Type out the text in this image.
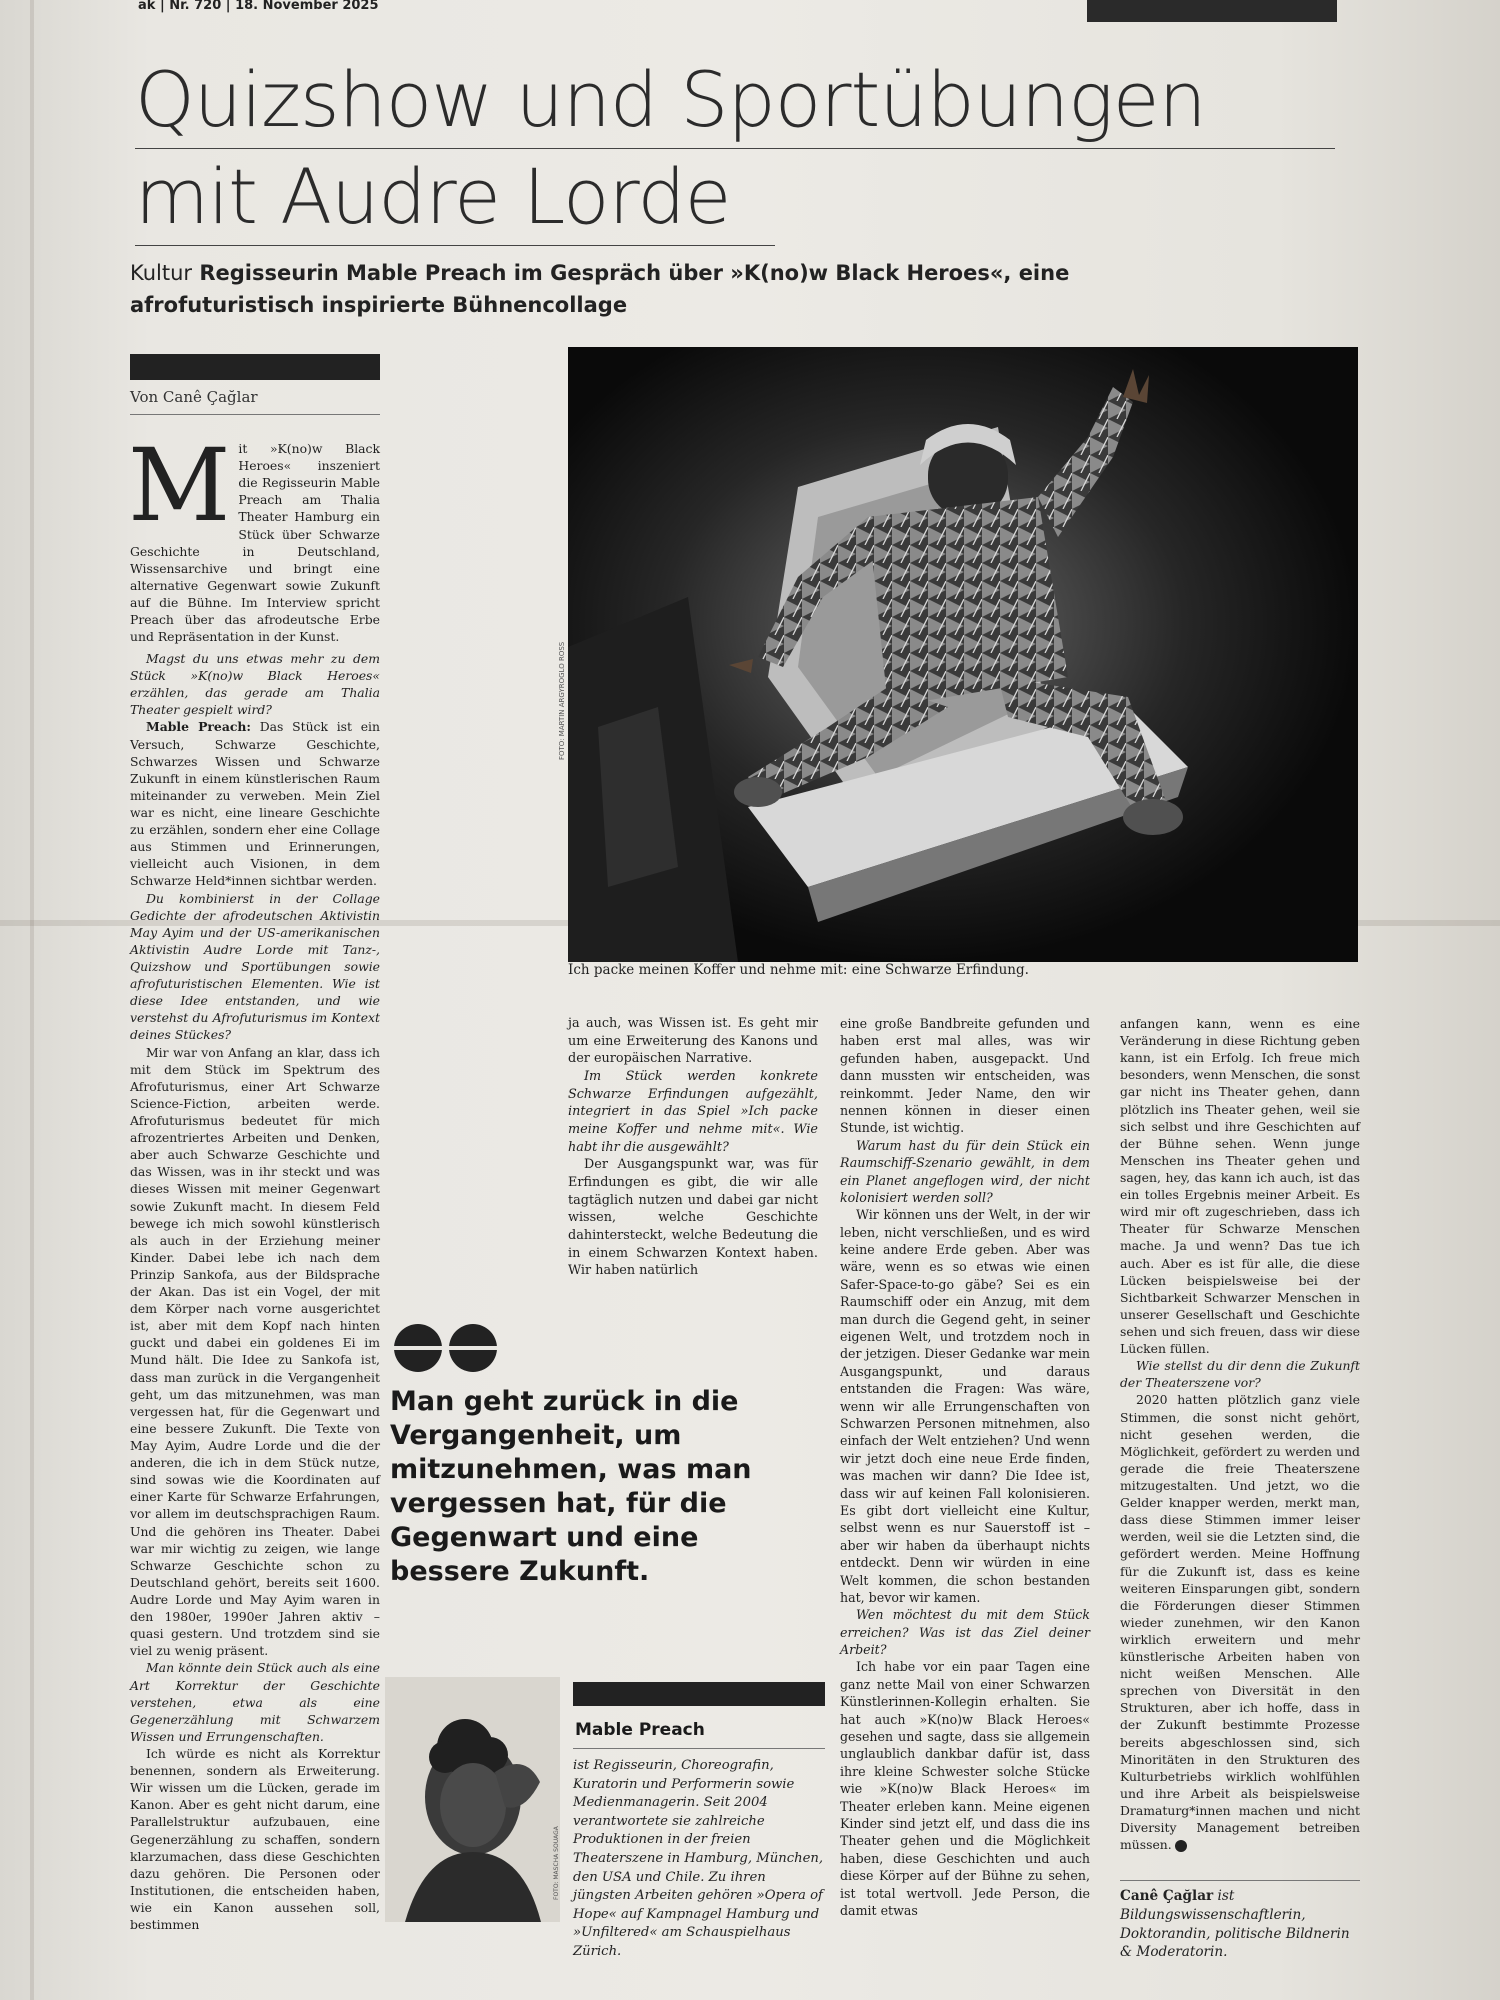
ak | Nr. 720 | 18. November 2025
Quizshow und Sportübungen
mit Audre Lorde
Kultur Regisseurin Mable Preach im Gespräch über »K(no)w Black Heroes«, eine afrofuturistisch inspirierte Bühnencollage
Von Canê Çağlar
FOTO: MARTIN ARGYROGLO ROSS
Ich packe meinen Koffer und nehme mit: eine Schwarze Erfindung.
Mit »K(no)w Black Heroes« inszeniert die Regisseurin Mable Preach am Thalia Theater Hamburg ein Stück über Schwarze Geschichte in Deutschland, Wissensarchive und bringt eine alternative Gegenwart sowie Zukunft auf die Bühne. Im Interview spricht Preach über das afrodeutsche Erbe und Repräsentation in der Kunst.

Magst du uns etwas mehr zu dem Stück »K(no)w Black Heroes« erzählen, das gerade am Thalia Theater gespielt wird?

Mable Preach: Das Stück ist ein Versuch, Schwarze Geschichte, Schwarzes Wissen und Schwarze Zukunft in einem künstlerischen Raum miteinander zu verweben. Mein Ziel war es nicht, eine lineare Geschichte zu erzählen, sondern eher eine Collage aus Stimmen und Erinnerungen, vielleicht auch Visionen, in dem Schwarze Held*innen sichtbar werden.

Du kombinierst in der Collage Gedichte der afrodeutschen Aktivistin May Ayim und der US-amerikanischen Aktivistin Audre Lorde mit Tanz-, Quizshow und Sportübungen sowie afrofuturistischen Elementen. Wie ist diese Idee entstanden, und wie verstehst du Afrofuturismus im Kontext deines Stückes?

Mir war von Anfang an klar, dass ich mit dem Stück im Spektrum des Afrofuturismus, einer Art Schwarze Science-Fiction, arbeiten werde. Afrofuturismus bedeutet für mich afrozentriertes Arbeiten und Denken, aber auch Schwarze Geschichte und das Wissen, was in ihr steckt und was dieses Wissen mit meiner Gegenwart sowie Zukunft macht. In diesem Feld bewege ich mich sowohl künstlerisch als auch in der Erziehung meiner Kinder. Dabei lebe ich nach dem Prinzip Sankofa, aus der Bildsprache der Akan. Das ist ein Vogel, der mit dem Körper nach vorne ausgerichtet ist, aber mit dem Kopf nach hinten guckt und dabei ein goldenes Ei im Mund hält. Die Idee zu Sankofa ist, dass man zurück in die Vergangenheit geht, um das mitzunehmen, was man vergessen hat, für die Gegenwart und eine bessere Zukunft. Die Texte von May Ayim, Audre Lorde und die der anderen, die ich in dem Stück nutze, sind sowas wie die Koordinaten auf einer Karte für Schwarze Erfahrungen, vor allem im deutschsprachigen Raum. Und die gehören ins Theater. Dabei war mir wichtig zu zeigen, wie lange Schwarze Geschichte schon zu Deutschland gehört, bereits seit 1600. Audre Lorde und May Ayim waren in den 1980er, 1990er Jahren aktiv – quasi gestern. Und trotzdem sind sie viel zu wenig präsent.

Man könnte dein Stück auch als eine Art Korrektur der Geschichte verstehen, etwa als eine Gegenerzählung mit Schwarzem Wissen und Errungenschaften.

Ich würde es nicht als Korrektur benennen, sondern als Erweiterung. Wir wissen um die Lücken, gerade im Kanon. Aber es geht nicht darum, eine Parallelstruktur aufzubauen, eine Gegenerzählung zu schaffen, sondern klarzumachen, dass diese Geschichten dazu gehören. Die Personen oder Institutionen, die entscheiden haben, wie ein Kanon aussehen soll, bestimmen

ja auch, was Wissen ist. Es geht mir um eine Erweiterung des Kanons und der europäischen Narrative.

Im Stück werden konkrete Schwarze Erfindungen aufgezählt, integriert in das Spiel »Ich packe meine Koffer und nehme mit«. Wie habt ihr die ausgewählt?

Der Ausgangspunkt war, was für Erfindungen es gibt, die wir alle tagtäglich nutzen und dabei gar nicht wissen, welche Geschichte dahintersteckt, welche Bedeutung die in einem Schwarzen Kontext haben. Wir haben natürlich

eine große Bandbreite gefunden und haben erst mal alles, was wir gefunden haben, ausgepackt. Und dann mussten wir entscheiden, was reinkommt. Jeder Name, den wir nennen können in dieser einen Stunde, ist wichtig.

Warum hast du für dein Stück ein Raumschiff-Szenario gewählt, in dem ein Planet angeflogen wird, der nicht kolonisiert werden soll?

Wir können uns der Welt, in der wir leben, nicht verschließen, und es wird keine andere Erde geben. Aber was wäre, wenn es so etwas wie einen Safer-Space-to-go gäbe? Sei es ein Raumschiff oder ein Anzug, mit dem man durch die Gegend geht, in seiner eigenen Welt, und trotzdem noch in der jetzigen. Dieser Gedanke war mein Ausgangspunkt, und daraus entstanden die Fragen: Was wäre, wenn wir alle Errungenschaften von Schwarzen Personen mitnehmen, also einfach der Welt entziehen? Und wenn wir jetzt doch eine neue Erde finden, was machen wir dann? Die Idee ist, dass wir auf keinen Fall kolonisieren. Es gibt dort vielleicht eine Kultur, selbst wenn es nur Sauerstoff ist – aber wir haben da überhaupt nichts entdeckt. Denn wir würden in eine Welt kommen, die schon bestanden hat, bevor wir kamen.

Wen möchtest du mit dem Stück erreichen? Was ist das Ziel deiner Arbeit?

Ich habe vor ein paar Tagen eine ganz nette Mail von einer Schwarzen Künstlerinnen-Kollegin erhalten. Sie hat auch »K(no)w Black Heroes« gesehen und sagte, dass sie allgemein unglaublich dankbar dafür ist, dass ihre kleine Schwester solche Stücke wie »K(no)w Black Heroes« im Theater erleben kann. Meine eigenen Kinder sind jetzt elf, und dass die ins Theater gehen und die Möglichkeit haben, diese Geschichten und auch diese Körper auf der Bühne zu sehen, ist total wertvoll. Jede Person, die damit etwas

anfangen kann, wenn es eine Veränderung in diese Richtung geben kann, ist ein Erfolg. Ich freue mich besonders, wenn Menschen, die sonst gar nicht ins Theater gehen, dann plötzlich ins Theater gehen, weil sie sich selbst und ihre Geschichten auf der Bühne sehen. Wenn junge Menschen ins Theater gehen und sagen, hey, das kann ich auch, ist das ein tolles Ergebnis meiner Arbeit. Es wird mir oft zugeschrieben, dass ich Theater für Schwarze Menschen mache. Ja und wenn? Das tue ich auch. Aber es ist für alle, die diese Lücken beispielsweise bei der Sichtbarkeit Schwarzer Menschen in unserer Gesellschaft und Geschichte sehen und sich freuen, dass wir diese Lücken füllen.

Wie stellst du dir denn die Zukunft der Theaterszene vor?

2020 hatten plötzlich ganz viele Stimmen, die sonst nicht gehört, nicht gesehen werden, die Möglichkeit, gefördert zu werden und gerade die freie Theaterszene mitzugestalten. Und jetzt, wo die Gelder knapper werden, merkt man, dass diese Stimmen immer leiser werden, weil sie die Letzten sind, die gefördert werden. Meine Hoffnung für die Zukunft ist, dass es keine weiteren Einsparungen gibt, sondern die Förderungen dieser Stimmen wieder zunehmen, wir den Kanon wirklich erweitern und mehr künstlerische Arbeiten haben von nicht weißen Menschen. Alle sprechen von Diversität in den Strukturen, aber ich hoffe, dass in der Zukunft bestimmte Prozesse bereits abgeschlossen sind, sich Minoritäten in den Strukturen des Kulturbetriebs wirklich wohlfühlen und ihre Arbeit als beispielsweise Dramaturg*innen machen und nicht Diversity Management betreiben müssen.

Man geht zurück in die Vergangenheit, um mitzunehmen, was man vergessen hat, für die Gegenwart und eine bessere Zukunft.
FOTO: MASCHA SOUAGA
Mable Preach
ist Regisseurin, Choreografin, Kuratorin und Performerin sowie Medienmanagerin. Seit 2004 verantwortete sie zahlreiche Produktionen in der freien Theaterszene in Hamburg, München, den USA und Chile. Zu ihren jüngsten Arbeiten gehören »Opera of Hope« auf Kampnagel Hamburg und »Unfiltered« am Schauspielhaus Zürich.
Canê Çağlar ist Bildungswissenschaftlerin, Doktorandin, politische Bildnerin & Moderatorin.
